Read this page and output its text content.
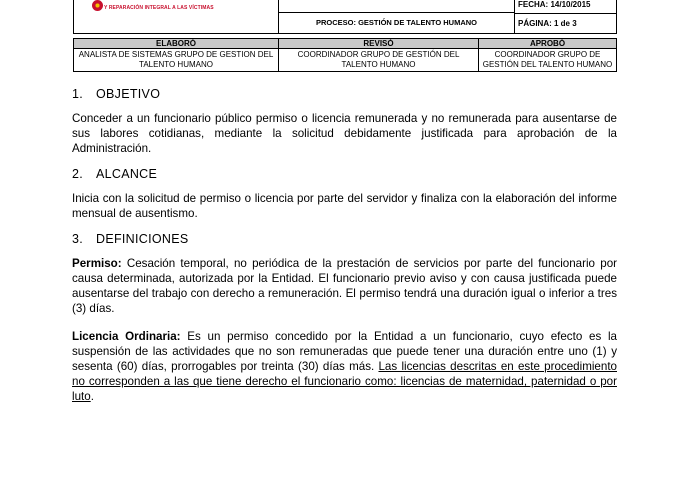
Y REPARACIÓN INTEGRAL A LAS VÍCTIMAS

PROCESO: GESTIÓN DE TALENTO HUMANO

FECHA: 14/10/2015
PÁGINA: 1 de 3
ELABORÓ	REVISÓ	APROBÓ
ANALISTA DE SISTEMAS GRUPO DE GESTION DEL TALENTO HUMANO	COORDINADOR GRUPO DE GESTIÓN DEL TALENTO HUMANO	COORDINADOR GRUPO DE GESTIÓN DEL TALENTO HUMANO
1. OBJETIVO

Conceder a un funcionario público permiso o licencia remunerada y no remunerada para ausentarse de sus labores cotidianas, mediante la solicitud debidamente justificada para aprobación de la Administración.

2. ALCANCE

Inicia con la solicitud de permiso o licencia por parte del servidor y finaliza con la elaboración del informe mensual de ausentismo.

3. DEFINICIONES

Permiso: Cesación temporal, no periódica de la prestación de servicios por parte del funcionario por causa determinada, autorizada por la Entidad. El funcionario previo aviso y con causa justificada puede ausentarse del trabajo con derecho a remuneración. El permiso tendrá una duración igual o inferior a tres (3) días.

Licencia Ordinaria: Es un permiso concedido por la Entidad a un funcionario, cuyo efecto es la suspensión de las actividades que no son remuneradas que puede tener una duración entre uno (1) y sesenta (60) días, prorrogables por treinta (30) días más. Las licencias descritas en este procedimiento no corresponden a las que tiene derecho el funcionario como: licencias de maternidad, paternidad o por luto.
